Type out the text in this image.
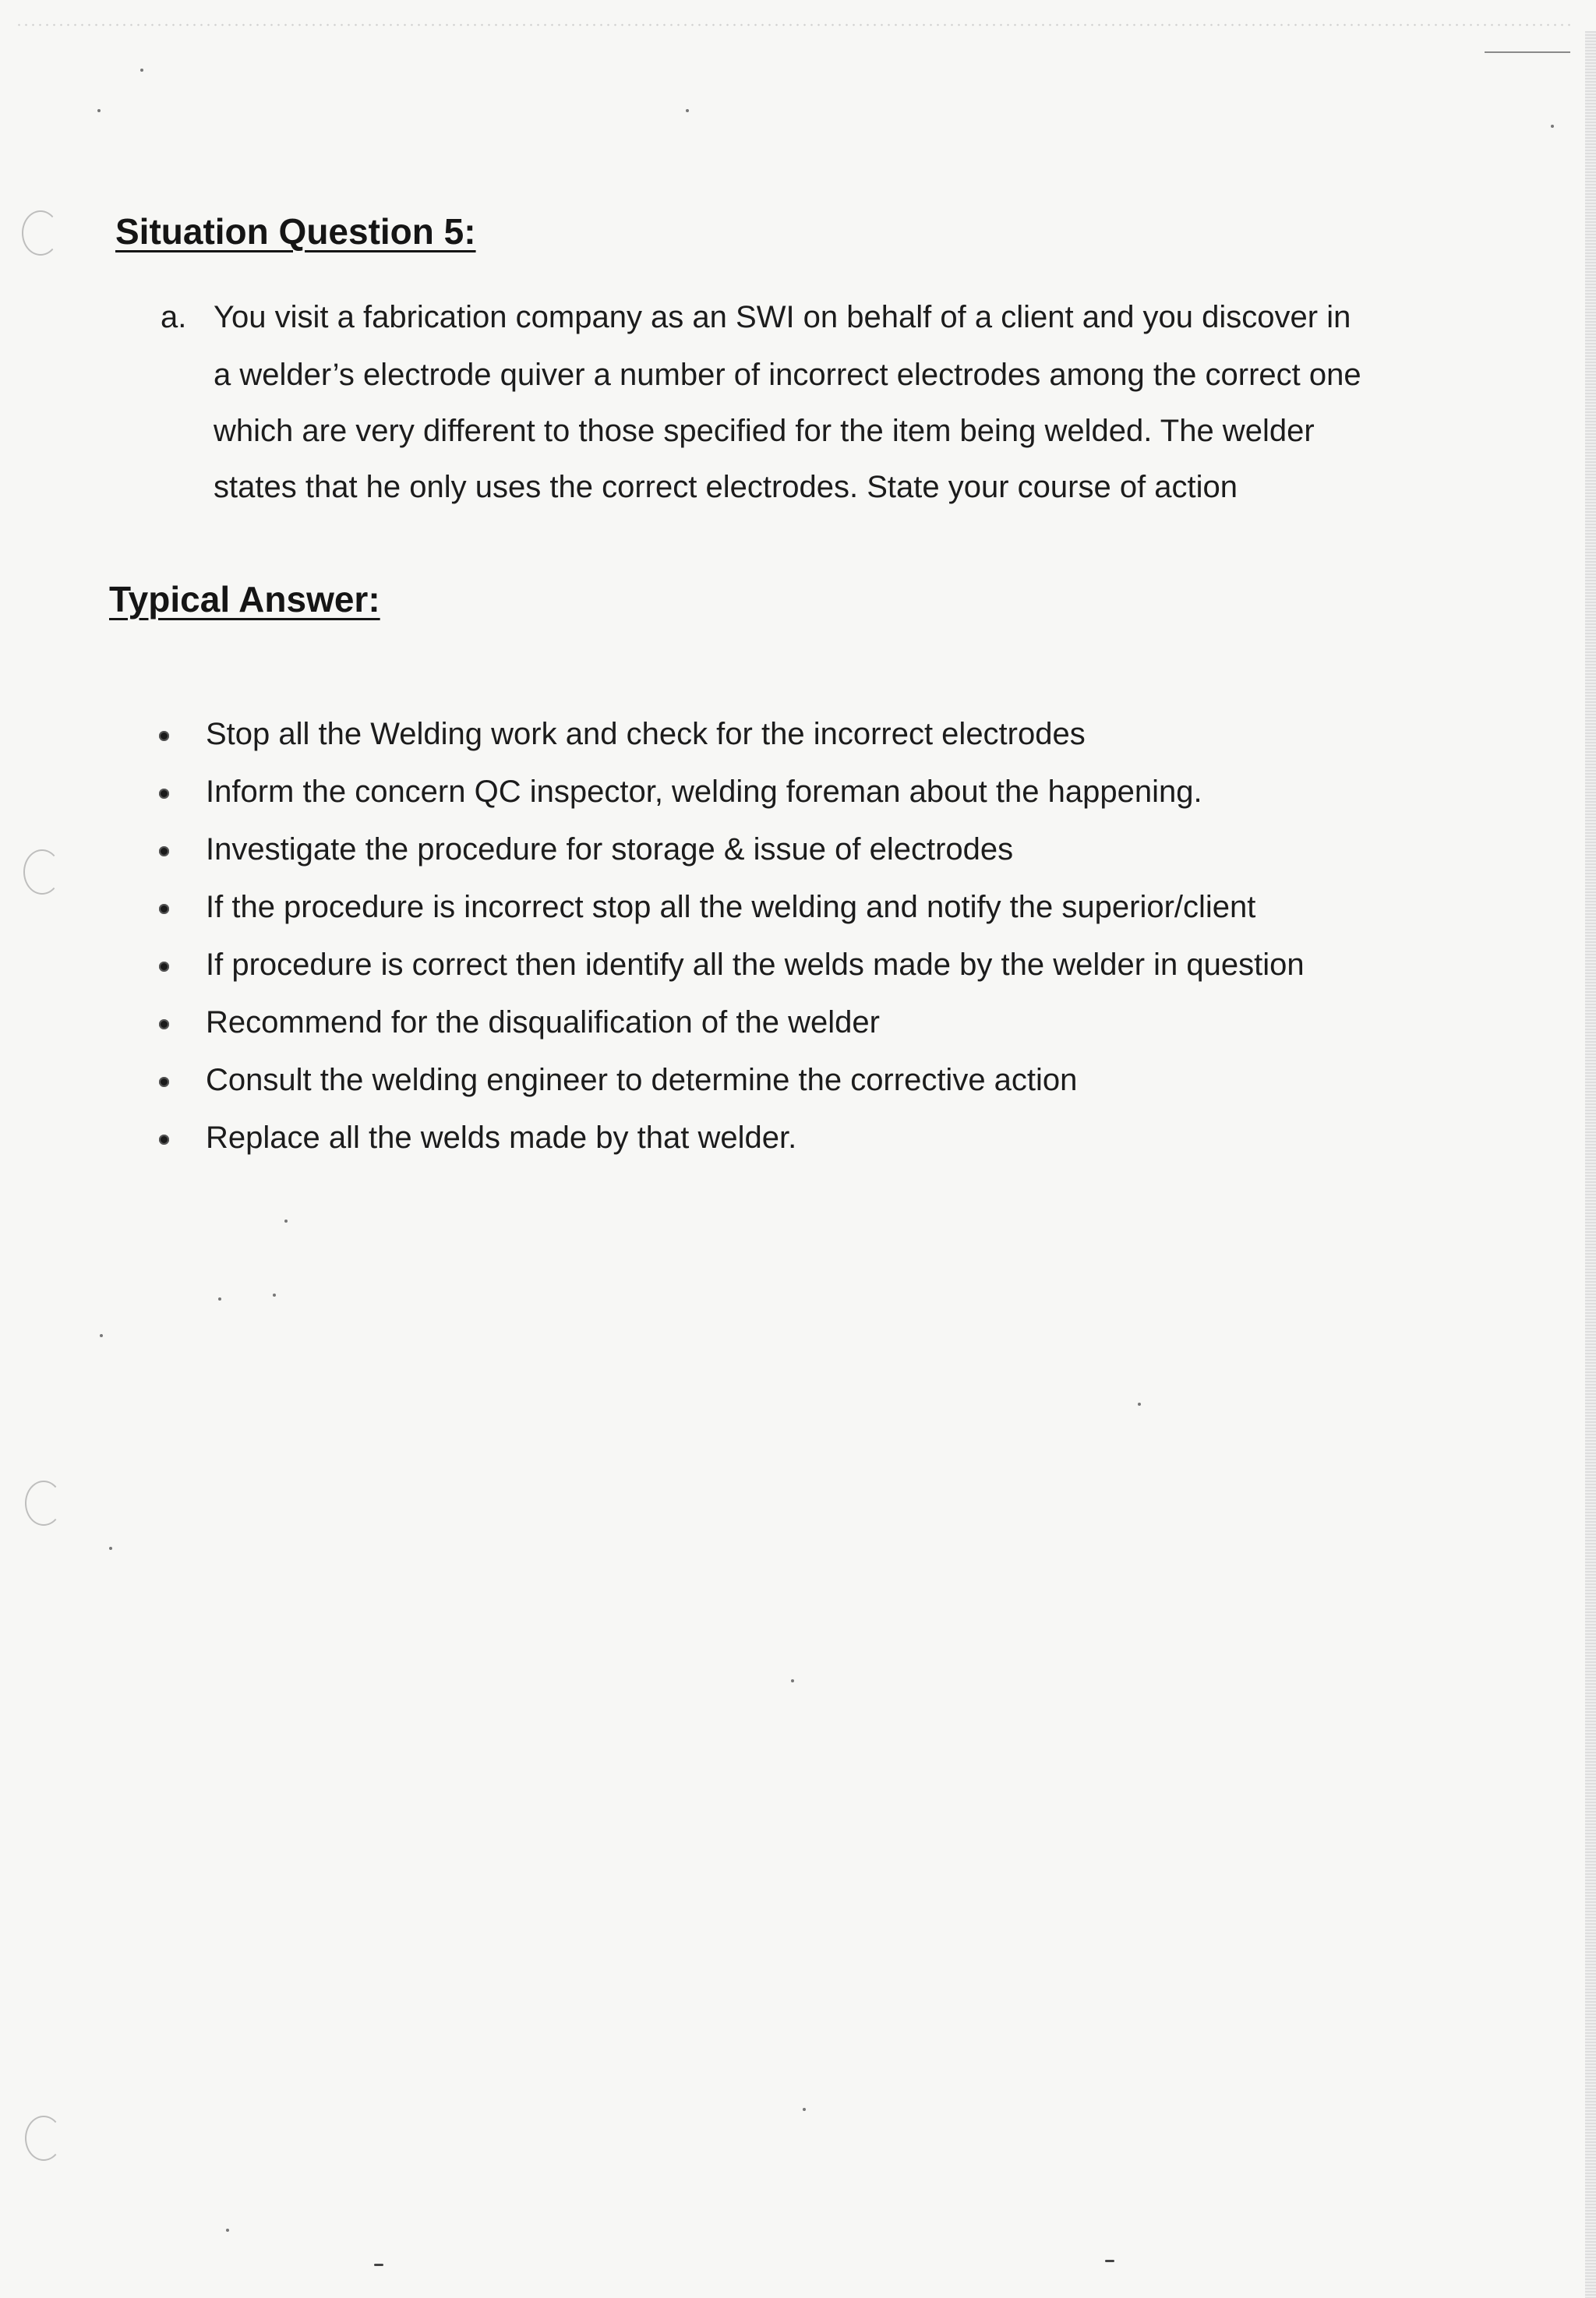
Situation Question 5:
a. You visit a fabrication company as an SWI on behalf of a client and you discover in
a welder’s electrode quiver a number of incorrect electrodes among the correct one
which are very different to those specified for the item being welded. The welder
states that he only uses the correct electrodes. State your course of action
Typical Answer:
Stop all the Welding work and check for the incorrect electrodes
Inform the concern QC inspector, welding foreman about the happening.
Investigate the procedure for storage & issue of electrodes
If the procedure is incorrect stop all the welding and notify the superior/client
If procedure is correct then identify all the welds made by the welder in question
Recommend for the disqualification of the welder
Consult the welding engineer to determine the corrective action
Replace all the welds made by that welder.
